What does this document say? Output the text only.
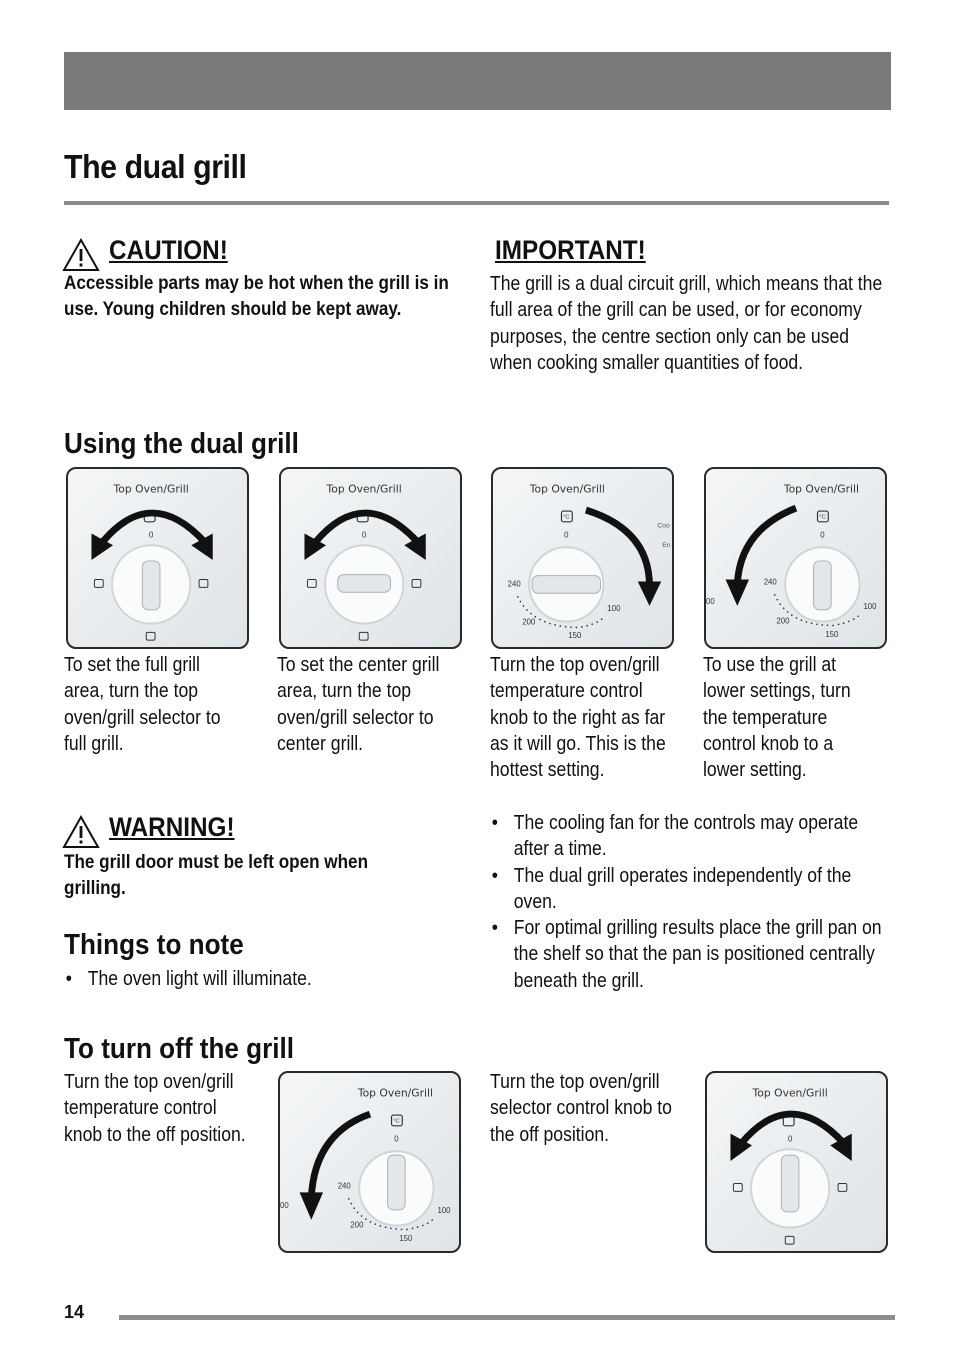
The dual grill
CAUTION!
Accessible parts may be hot when the grill is in use. Young children should be kept away.
IMPORTANT!
The grill is a dual circuit grill, which means that the full area of the grill can be used, or for economy purposes, the centre section only can be used when cooking smaller quantities of food.
Using the dual grill
Top Oven/Grill
0
Top Oven/Grill
0
Top Oven/Grill
°C
0
Coo
En
240
200
150
100
Top Oven/Grill
°C
0
240
200
150
100
00
To set the full grill area, turn the top oven/grill selector to full grill.
To set the center grill area, turn the top oven/grill selector to center grill.
Turn the top oven/grill temperature control knob to the right as far as it will go. This is the hottest setting.
To use the grill at lower settings, turn the temperature control knob to a lower setting.
WARNING!
The grill door must be left open when grilling.
Things to note
• The oven light will illuminate.
• The cooling fan for the controls may operate after a time.
• The dual grill operates independently of the oven.
• For optimal grilling results place the grill pan on the shelf so that the pan is positioned centrally beneath the grill.
To turn off the grill
Turn the top oven/grill temperature control knob to the off position.
Turn the top oven/grill selector control knob to the off position.
Top Oven/Grill
°C
0
240
200
150
100
00
Top Oven/Grill
0
14
